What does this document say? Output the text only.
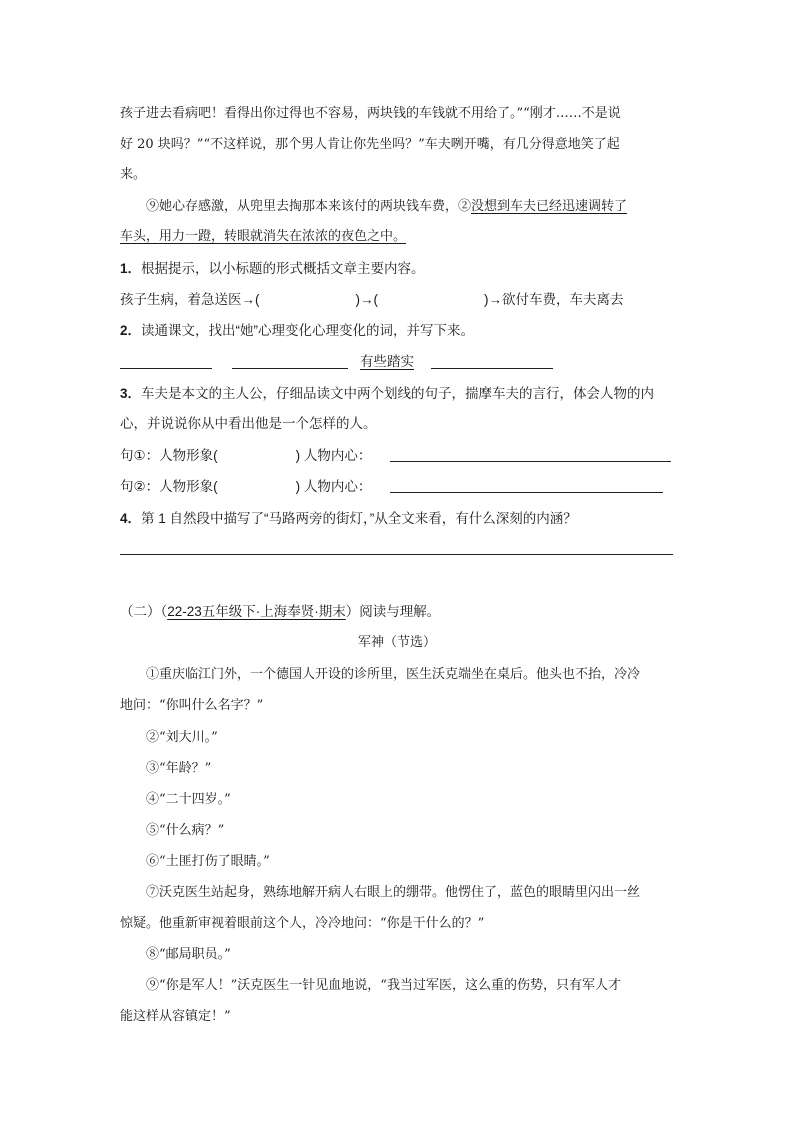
孩子进去看病吧！看得出你过得也不容易，两块钱的车钱就不用给了。”“刚才……不是说
好 20 块吗？”“不这样说，那个男人肯让你先坐吗？”车夫咧开嘴，有几分得意地笑了起
来。
⑨她心存感激，从兜里去掏那本来该付的两块钱车费，②没想到车夫已经迅速调转了
车头，用力一蹬，转眼就消失在浓浓的夜色之中。
1．根据提示，以小标题的形式概括文章主要内容。
孩子生病，着急送医→(	)→(	)→欲付车费，车夫离去
2．读通课文，找出“她”心理变化心理变化的词，并写下来。
有些踏实
3．车夫是本文的主人公，仔细品读文中两个划线的句子，揣摩车夫的言行，体会人物的内
心，并说说你从中看出他是一个怎样的人。
句①：人物形象(	) 人物内心：
句②：人物形象(	) 人物内心：
4．第 1 自然段中描写了“马路两旁的街灯，”从全文来看，有什么深刻的内涵？
（二）（22-23五年级下·上海奉贤·期末）阅读与理解。
军神（节选）
①重庆临江门外，一个德国人开设的诊所里，医生沃克端坐在桌后。他头也不抬，冷冷
地问：“你叫什么名字？”
②“刘大川。”
③“年龄？”
④“二十四岁。”
⑤“什么病？”
⑥“土匪打伤了眼睛。”
⑦沃克医生站起身，熟练地解开病人右眼上的绷带。他愣住了，蓝色的眼睛里闪出一丝
惊疑。他重新审视着眼前这个人，冷冷地问：“你是干什么的？”
⑧“邮局职员。”
⑨“你是军人！”沃克医生一针见血地说，“我当过军医，这么重的伤势，只有军人才
能这样从容镇定！”
